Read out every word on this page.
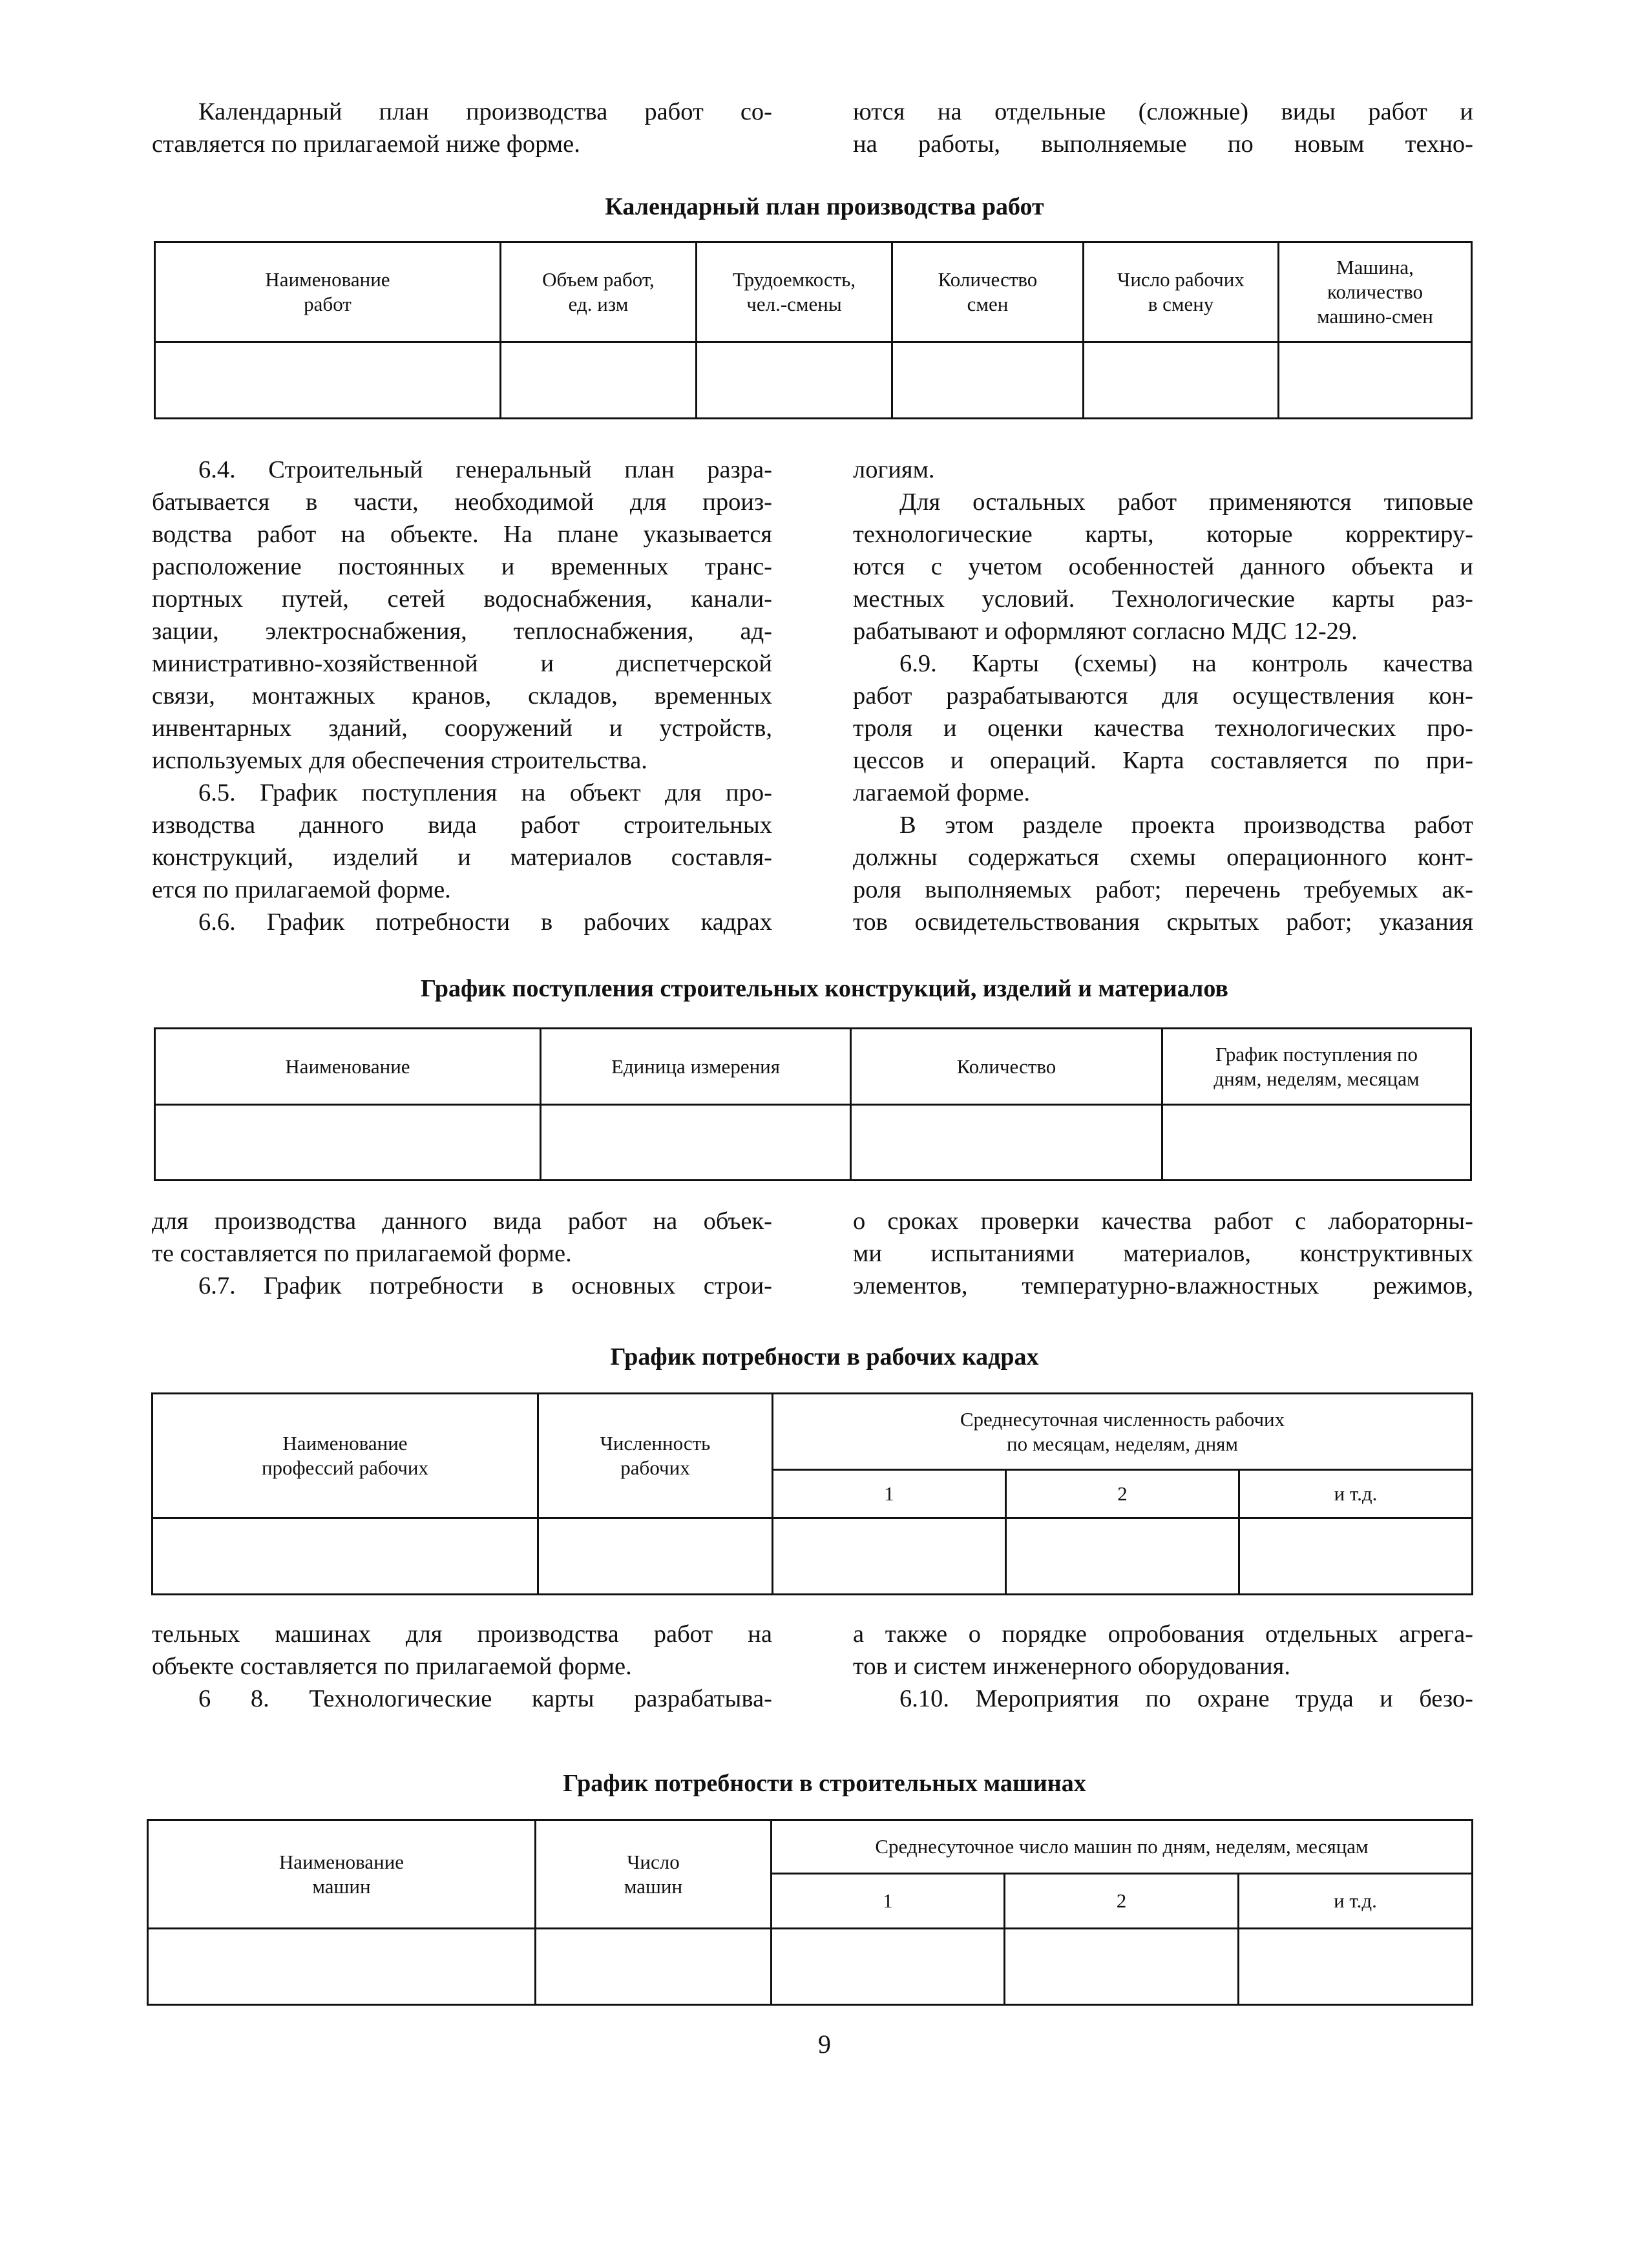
Календарный план производства работ со-

ставляется по прилагаемой ниже форме.

ются на отдельные (сложные) виды работ и

на работы, выполняемые по новым техно-

Календарный план производства работ
Наименование
работ	Объем работ,
ед. изм	Трудоемкость,
чел.-смены	Количество
смен	Число рабочих
в смену	Машина,
количество
машино-смен

6.4. Строительный генеральный план разра-

батывается в части, необходимой для произ-

водства работ на объекте. На плане указывается

расположение постоянных и временных транс-

портных путей, сетей водоснабжения, канали-

зации, электроснабжения, теплоснабжения, ад-

министративно-хозяйственной и диспетчерской

связи, монтажных кранов, складов, временных

инвентарных зданий, сооружений и устройств,

используемых для обеспечения строительства.

6.5. График поступления на объект для про-

изводства данного вида работ строительных

конструкций, изделий и материалов составля-

ется по прилагаемой форме.

6.6. График потребности в рабочих кадрах

логиям.

Для остальных работ применяются типовые

технологические карты, которые корректиру-

ются с учетом особенностей данного объекта и

местных условий. Технологические карты раз-

рабатывают и оформляют согласно МДС 12-29.

6.9. Карты (схемы) на контроль качества

работ разрабатываются для осуществления кон-

троля и оценки качества технологических про-

цессов и операций. Карта составляется по при-

лагаемой форме.

В этом разделе проекта производства работ

должны содержаться схемы операционного конт-

роля выполняемых работ; перечень требуемых ак-

тов освидетельствования скрытых работ; указания

График поступления строительных конструкций, изделий и материалов
Наименование	Единица измерения	Количество	График поступления по
дням, неделям, месяцам

для производства данного вида работ на объек-

те составляется по прилагаемой форме.

6.7. График потребности в основных строи-

о сроках проверки качества работ с лабораторны-

ми испытаниями материалов, конструктивных

элементов, температурно-влажностных режимов,

График потребности в рабочих кадрах
Наименование
профессий рабочих	Численность
рабочих	Среднесуточная численность рабочих
по месяцам, неделям, дням		
		1	2	и т.д.

тельных машинах для производства работ на

объекте составляется по прилагаемой форме.

6 8. Технологические карты разрабатыва-

а также о порядке опробования отдельных агрега-

тов и систем инженерного оборудования.

6.10. Мероприятия по охране труда и безо-

График потребности в строительных машинах
Наименование
машин	Число
машин	Среднесуточное число машин по дням, неделям, месяцам		
		1	2	и т.д.

9
